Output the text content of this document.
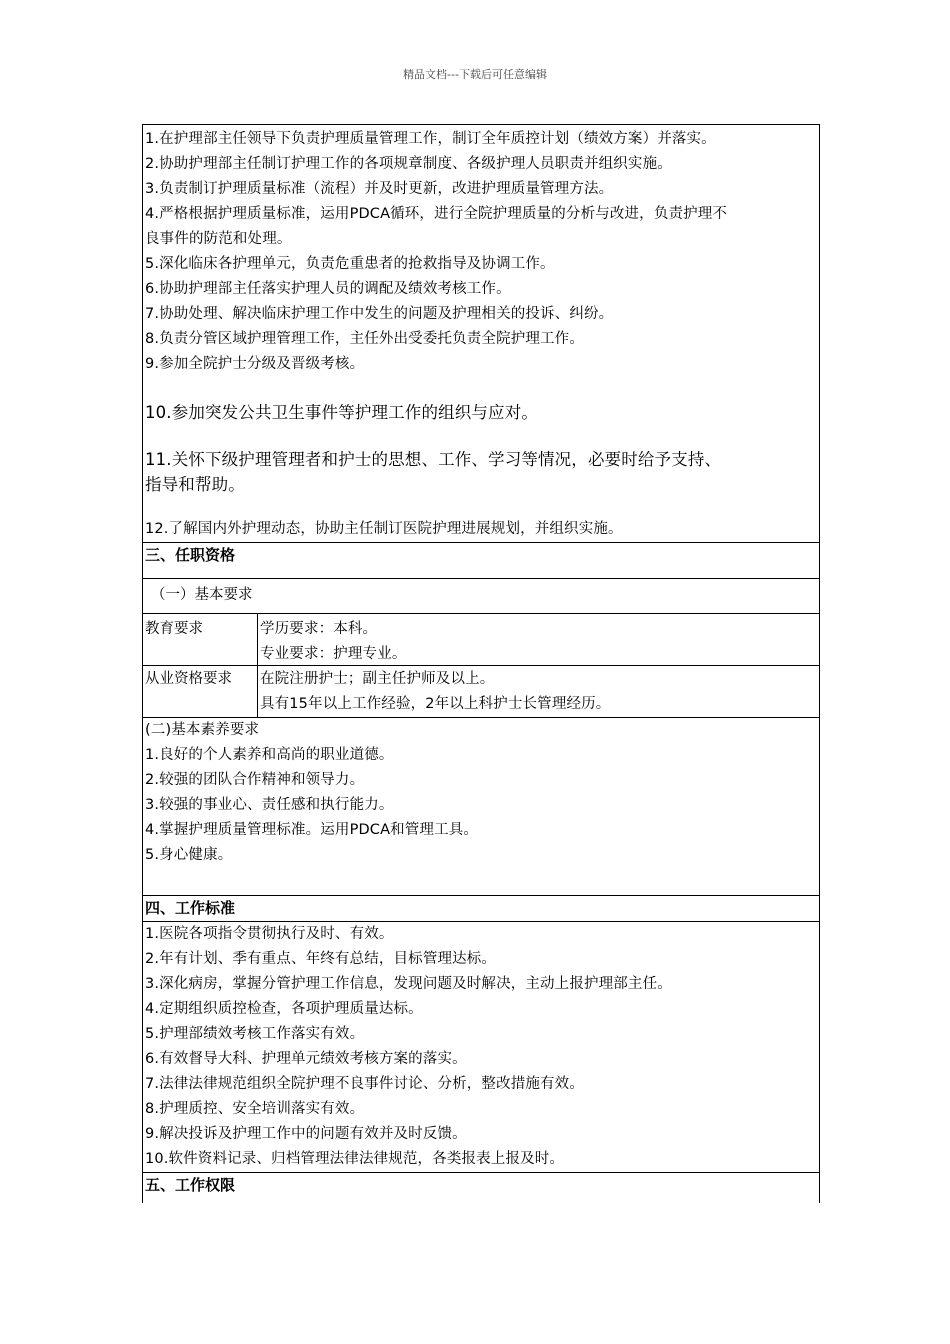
精品文档---下载后可任意编辑
1.在护理部主任领导下负责护理质量管理工作，制订全年质控计划（绩效方案）并落实。
2.协助护理部主任制订护理工作的各项规章制度、各级护理人员职责并组织实施。
3.负责制订护理质量标准（流程）并及时更新，改进护理质量管理方法。
4.严格根据护理质量标准，运用PDCA循环，进行全院护理质量的分析与改进，负责护理不
良事件的防范和处理。
5.深化临床各护理单元，负责危重患者的抢救指导及协调工作。
6.协助护理部主任落实护理人员的调配及绩效考核工作。
7.协助处理、解决临床护理工作中发生的问题及护理相关的投诉、纠纷。
8.负责分管区域护理管理工作，主任外出受委托负责全院护理工作。
9.参加全院护士分级及晋级考核。
10.参加突发公共卫生事件等护理工作的组织与应对。
11.关怀下级护理管理者和护士的思想、工作、学习等情况，必要时给予支持、
指导和帮助。
12.了解国内外护理动态，协助主任制订医院护理进展规划，并组织实施。
三、任职资格
（一）基本要求
教育要求	学历要求：本科。
专业要求：护理专业。
从业资格要求	在院注册护士；副主任护师及以上。
具有15年以上工作经验，2年以上科护士长管理经历。
(二)基本素养要求
1.良好的个人素养和高尚的职业道德。
2.较强的团队合作精神和领导力。
3.较强的事业心、责任感和执行能力。
4.掌握护理质量管理标准。运用PDCA和管理工具。
5.身心健康。
四、工作标准
1.医院各项指令贯彻执行及时、有效。
2.年有计划、季有重点、年终有总结，目标管理达标。
3.深化病房，掌握分管护理工作信息，发现问题及时解决，主动上报护理部主任。
4.定期组织质控检查，各项护理质量达标。
5.护理部绩效考核工作落实有效。
6.有效督导大科、护理单元绩效考核方案的落实。
7.法律法律规范组织全院护理不良事件讨论、分析，整改措施有效。
8.护理质控、安全培训落实有效。
9.解决投诉及护理工作中的问题有效并及时反馈。
10.软件资料记录、归档管理法律法律规范，各类报表上报及时。
五、工作权限
